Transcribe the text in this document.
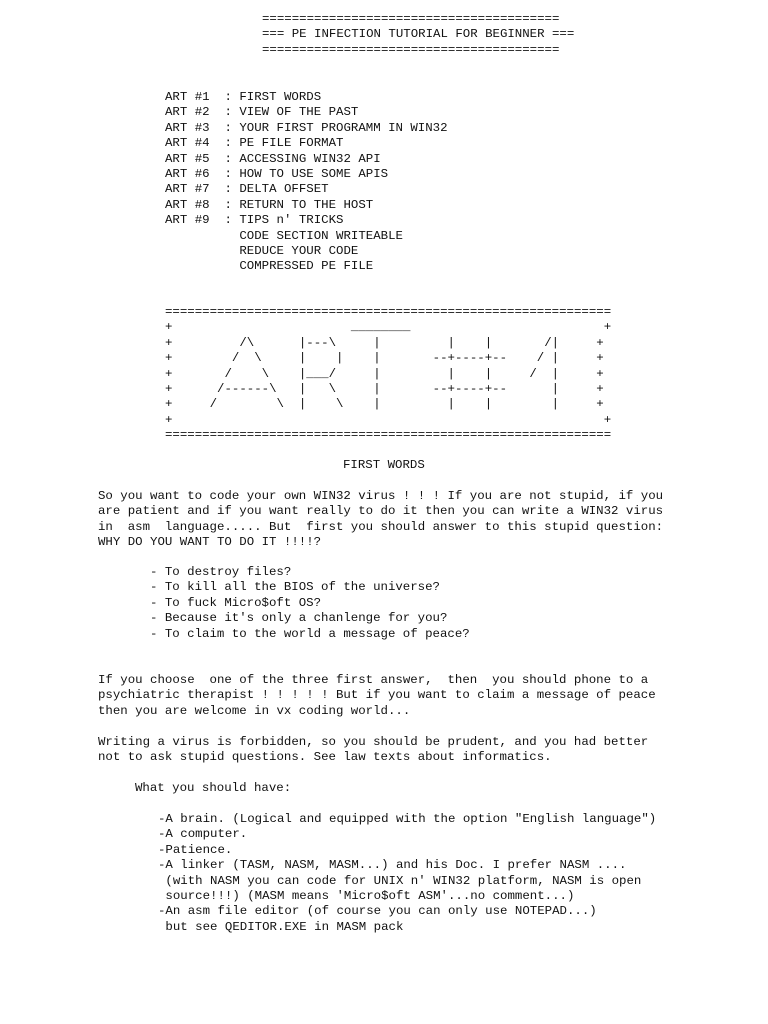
========================================
=== PE INFECTION TUTORIAL FOR BEGINNER ===
========================================
ART #1  : FIRST WORDS
ART #2  : VIEW OF THE PAST
ART #3  : YOUR FIRST PROGRAMM IN WIN32
ART #4  : PE FILE FORMAT
ART #5  : ACCESSING WIN32 API
ART #6  : HOW TO USE SOME APIS
ART #7  : DELTA OFFSET
ART #8  : RETURN TO THE HOST
ART #9  : TIPS n' TRICKS
CODE SECTION WRITEABLE
REDUCE YOUR CODE
COMPRESSED PE FILE
============================================================
+                        ________                          +
+         /\      |---\     |         |    |       /|     +
+        /  \     |    |    |       --+----+--    / |     +
+       /    \    |___/     |         |    |     /  |     +
+      /------\   |   \     |       --+----+--      |     +
+     /        \  |    \    |         |    |        |     +
+                                                          +
============================================================
FIRST WORDS
So you want to code your own WIN32 virus ! ! ! If you are not stupid, if you
are patient and if you want really to do it then you can write a WIN32 virus
in  asm  language..... But  first you should answer to this stupid question:
WHY DO YOU WANT TO DO IT !!!!?
- To destroy files?
- To kill all the BIOS of the universe?
- To fuck Micro$oft OS?
- Because it's only a chanlenge for you?
- To claim to the world a message of peace?
If you choose  one of the three first answer,  then  you should phone to a
psychiatric therapist ! ! ! ! ! But if you want to claim a message of peace
then you are welcome in vx coding world...
Writing a virus is forbidden, so you should be prudent, and you had better
not to ask stupid questions. See law texts about informatics.
What you should have:
-A brain. (Logical and equipped with the option "English language")
-A computer.
-Patience.
-A linker (TASM, NASM, MASM...) and his Doc. I prefer NASM ....
(with NASM you can code for UNIX n' WIN32 platform, NASM is open
source!!!) (MASM means 'Micro$oft ASM'...no comment...)
-An asm file editor (of course you can only use NOTEPAD...)
but see QEDITOR.EXE in MASM pack
